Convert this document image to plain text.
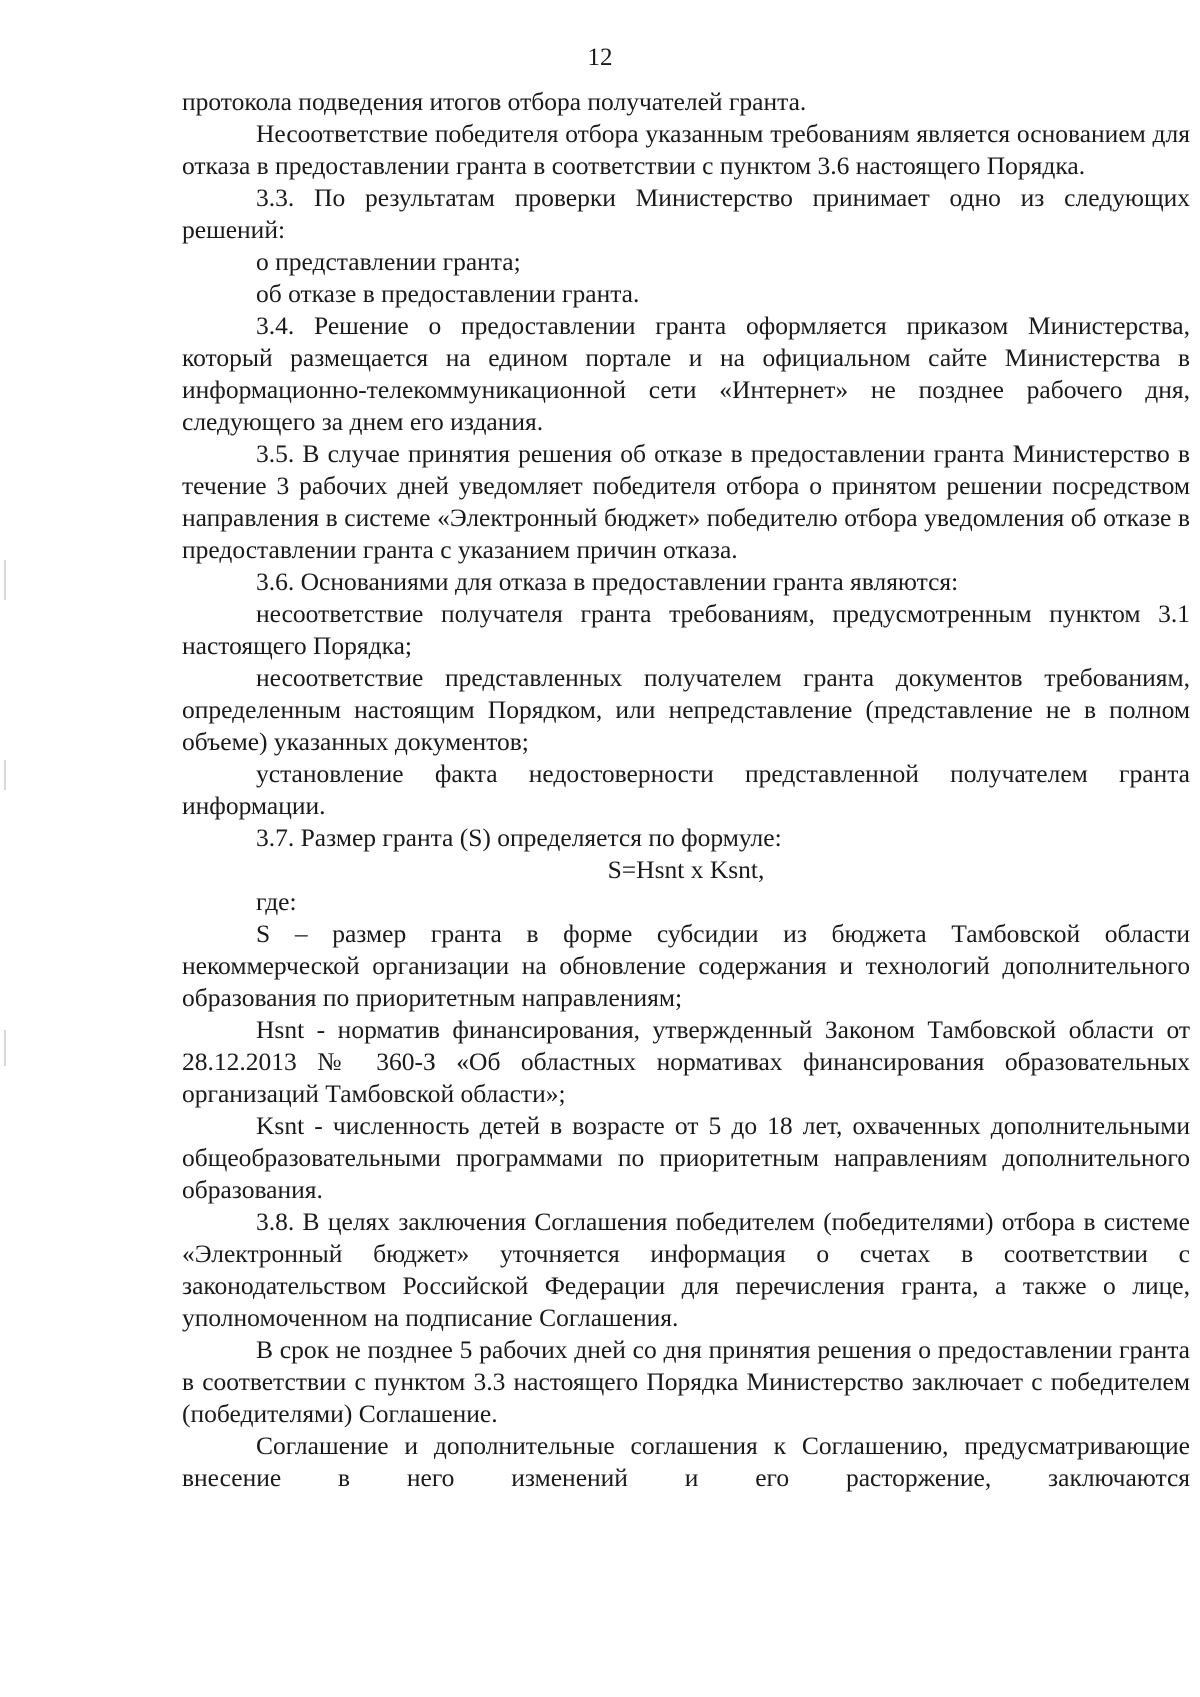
12

протокола подведения итогов отбора получателей гранта.

Несоответствие победителя отбора указанным требованиям является основанием для отказа в предоставлении гранта в соответствии с пунктом 3.6 настоящего Порядка.

3.3. По результатам проверки Министерство принимает одно из следующих решений:

о представлении гранта;

об отказе в предоставлении гранта.

3.4. Решение о предоставлении гранта оформляется приказом Министерства, который размещается на едином портале и на официальном сайте Министерства в информационно-телекоммуникационной сети «Интернет» не позднее рабочего дня, следующего за днем его издания.

3.5. В случае принятия решения об отказе в предоставлении гранта Министерство в течение 3 рабочих дней уведомляет победителя отбора о принятом решении посредством направления в системе «Электронный бюджет» победителю отбора уведомления об отказе в предоставлении гранта с указанием причин отказа.

3.6. Основаниями для отказа в предоставлении гранта являются:

несоответствие получателя гранта требованиям, предусмотренным пунктом 3.1 настоящего Порядка;

несоответствие представленных получателем гранта документов требованиям, определенным настоящим Порядком, или непредставление (представление не в полном объеме) указанных документов;

установление факта недостоверности представленной получателем гранта информации.

3.7. Размер гранта (S) определяется по формуле:

S=Hsnt x Ksnt,

где:

S – размер гранта в форме субсидии из бюджета Тамбовской области некоммерческой организации на обновление содержания и технологий дополнительного образования по приоритетным направлениям;

Hsnt - норматив финансирования, утвержденный Законом Тамбовской области от 28.12.2013 № 360-З «Об областных нормативах финансирования образовательных организаций Тамбовской области»;

Ksnt - численность детей в возрасте от 5 до 18 лет, охваченных дополнительными общеобразовательными программами по приоритетным направлениям дополнительного образования.

3.8. В целях заключения Соглашения победителем (победителями) отбора в системе «Электронный бюджет» уточняется информация о счетах в соответствии с законодательством Российской Федерации для перечисления гранта, а также о лице, уполномоченном на подписание Соглашения.

В срок не позднее 5 рабочих дней со дня принятия решения о предоставлении гранта в соответствии с пунктом 3.3 настоящего Порядка Министерство заключает с победителем (победителями) Соглашение.

Соглашение и дополнительные соглашения к Соглашению, предусматривающие внесение в него изменений и его расторжение, заключаются
